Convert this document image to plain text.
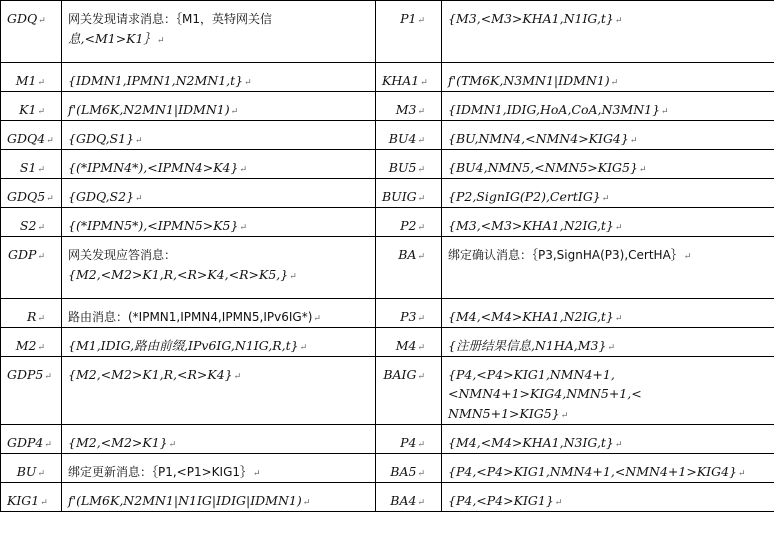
GDQ↵	网关发现请求消息：｛M1，英特网关信
息,<M1>K1｝↵	P1↵	{M3,<M3>KHA1,N1IG,t}↵
M1↵	{IDMN1,IPMN1,N2MN1,t}↵	KHA1↵	f'(TM6K,N3MN1|IDMN1)↵
K1↵	f'(LM6K,N2MN1|IDMN1)↵	M3↵	{IDMN1,IDIG,HoA,CoA,N3MN1}↵
GDQ4↵	{GDQ,S1}↵	BU4↵	{BU,NMN4,<NMN4>KIG4}↵
S1↵	{(*IPMN4*),<IPMN4>K4}↵	BU5↵	{BU4,NMN5,<NMN5>KIG5}↵
GDQ5↵	{GDQ,S2}↵	BUIG↵	{P2,SignIG(P2),CertIG}↵
S2↵	{(*IPMN5*),<IPMN5>K5}↵	P2↵	{M3,<M3>KHA1,N2IG,t}↵
GDP↵	网关发现应答消息：
{M2,<M2>K1,R,<R>K4,<R>K5,}↵	BA↵	绑定确认消息：｛P3,SignHA(P3),CertHA｝↵
R↵	路由消息：(*IPMN1,IPMN4,IPMN5,IPv6IG*)↵	P3↵	{M4,<M4>KHA1,N2IG,t}↵
M2↵	{M1,IDIG,路由前缀,IPv6IG,N1IG,R,t}↵	M4↵	{注册结果信息,N1HA,M3}↵
GDP5↵	{M2,<M2>K1,R,<R>K4}↵	BAIG↵	{P4,<P4>KIG1,NMN4+1,<NMN4+1>KIG4,NMN5+1,<
NMN5+1>KIG5}↵

GDP4↵	{M2,<M2>K1}↵	P4↵	{M4,<M4>KHA1,N3IG,t}↵
BU↵	绑定更新消息：｛P1,<P1>KIG1｝↵	BA5↵	{P4,<P4>KIG1,NMN4+1,<NMN4+1>KIG4}↵
KIG1↵	f'(LM6K,N2MN1|N1IG|IDIG|IDMN1)↵	BA4↵	{P4,<P4>KIG1}↵
